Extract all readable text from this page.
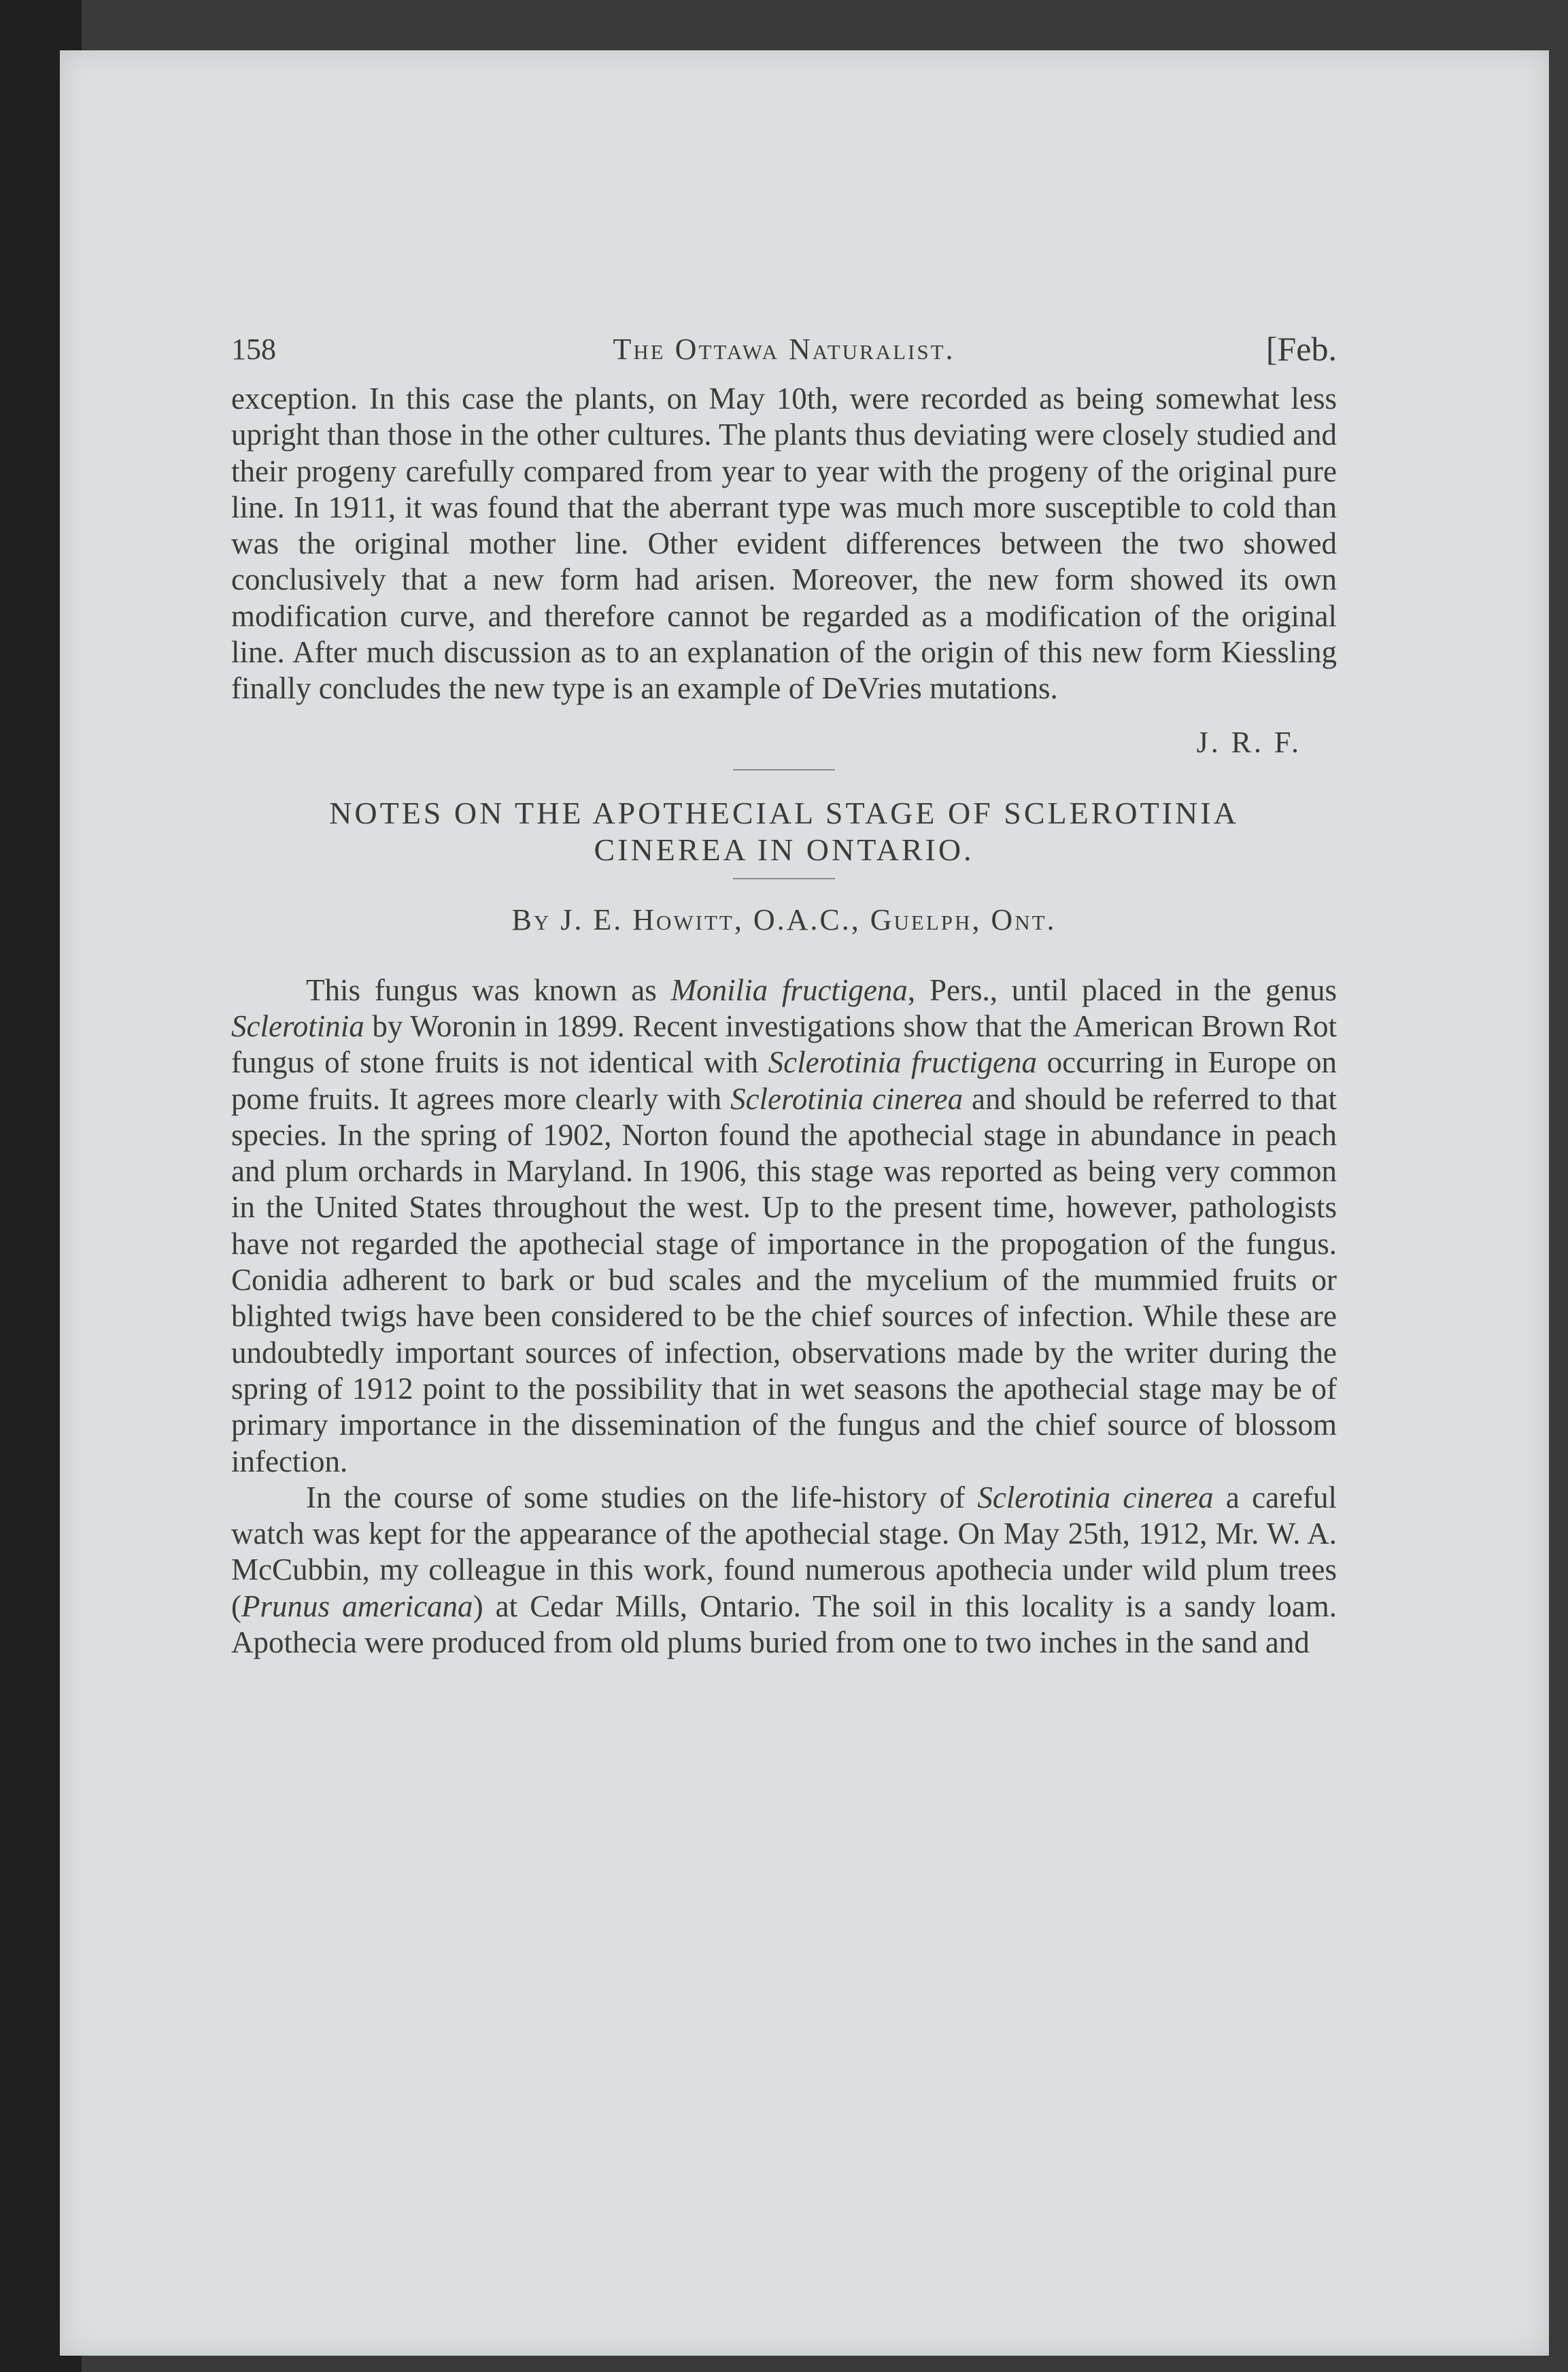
158	The Ottawa Naturalist.	[Feb.

exception. In this case the plants, on May 10th, were recorded as being somewhat less upright than those in the other cultures. The plants thus deviating were closely studied and their progeny carefully compared from year to year with the progeny of the original pure line. In 1911, it was found that the aberrant type was much more susceptible to cold than was the original mother line. Other evident differences between the two showed conclusively that a new form had arisen. Moreover, the new form showed its own modification curve, and therefore cannot be regarded as a modification of the original line. After much discussion as to an explanation of the origin of this new form Kiessling finally concludes the new type is an example of DeVries mutations.

J. R. F.
NOTES ON THE APOTHECIAL STAGE OF SCLEROTINIA
CINEREA IN ONTARIO.
By J. E. Howitt, O.A.C., Guelph, Ont.

This fungus was known as Monilia fructigena, Pers., until placed in the genus Sclerotinia by Woronin in 1899. Recent investigations show that the American Brown Rot fungus of stone fruits is not identical with Sclerotinia fructigena occurring in Europe on pome fruits. It agrees more clearly with Sclerotinia cinerea and should be referred to that species. In the spring of 1902, Norton found the apothecial stage in abundance in peach and plum orchards in Maryland. In 1906, this stage was reported as being very common in the United States throughout the west. Up to the present time, however, pathologists have not regarded the apothecial stage of importance in the propogation of the fungus. Conidia adherent to bark or bud scales and the mycelium of the mummied fruits or blighted twigs have been considered to be the chief sources of infection. While these are undoubtedly important sources of infection, observations made by the writer during the spring of 1912 point to the possibility that in wet seasons the apothecial stage may be of primary importance in the dissemination of the fungus and the chief source of blossom infection.

In the course of some studies on the life-history of Sclerotinia cinerea a careful watch was kept for the appearance of the apothecial stage. On May 25th, 1912, Mr. W. A. McCubbin, my colleague in this work, found numerous apothecia under wild plum trees (Prunus americana) at Cedar Mills, Ontario. The soil in this locality is a sandy loam. Apothecia were produced from old plums buried from one to two inches in the sand and
